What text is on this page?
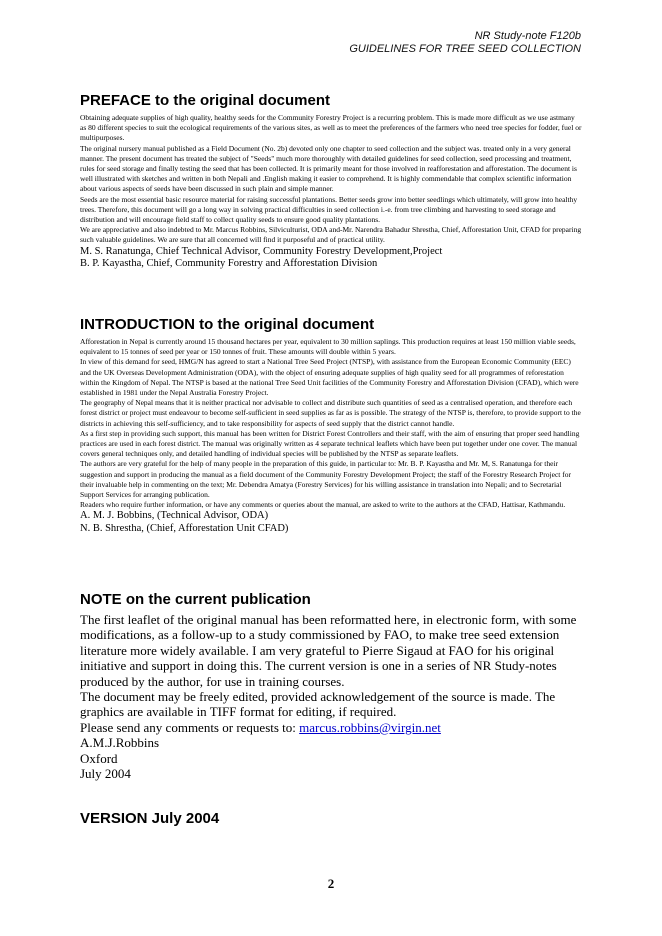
NR Study-note F120b
GUIDELINES FOR TREE SEED COLLECTION
PREFACE to the original document

Obtaining adequate supplies of high quality, healthy seeds for the Community Forestry Project is a recurring problem. This is made more difficult as we use astmany as 80 different species to suit the ecological requirements of the various sites, as well as to meet the preferences of the farmers who need tree species for fodder, fuel or multipurposes.

The original nursery manual published as a Field Document (No. 2b) devoted only one chapter to seed collection and the subject was. treated only in a very general manner. The present document has treated the subject of "Seeds" much more thoroughly with detailed guidelines for seed collection, seed processing and treatment, rules for seed storage and finally testing the seed that has been collected. It is primarily meant for those involved in reafforestation and afforestation. The document is well illustrated with sketches and written in both Nepali and .English making it easier to comprehend. It is highly commendable that complex scientific information about various aspects of seeds have been discussed in such plain and simple manner.

Seeds are the most essential basic resource material for raising successful plantations. Better seeds grow into better seedlings which ultimately, will grow into healthy trees. Therefore, this document will go a long way in solving practical difficulties in seed collection i.-e. from tree climbing and harvesting to seed storage and distribution and will encourage field staff to collect quality seeds to ensure good quality plantations.

We are appreciative and also indebted to Mr. Marcus Robbins, Silviculturist, ODA and-Mr. Narendra Bahadur Shrestha, Chief, Afforestation Unit, CFAD for preparing such valuable guidelines. We are sure that all concerned will find it purposeful and of practical utility.

M. S. Ranatunga, Chief Technical Advisor, Community Forestry Development,Project

B. P. Kayastha, Chief, Community Forestry and Afforestation Division

INTRODUCTION to the original document

Afforestation in Nepal is currently around 15 thousand hectares per year, equivalent to 30 million saplings. This production requires at least 150 million viable seeds, equivalent to 15 tonnes of seed per year or 150 tonnes of fruit. These amounts will double within 5 years.

In view of this demand for seed, HMG/N has agreed to start a National Tree Seed Project (NTSP), with assistance from the European Economic Community (EEC) and the UK Overseas Development Administration (ODA), with the object of ensuring adequate supplies of high quality seed for all programmes of reforestation within the Kingdom of Nepal. The NTSP is based at the national Tree Seed Unit facilities of the Community Forestry and Afforestation Division (CFAD), which were established in 1981 under the Nepal Australia Forestry Project.

The geography of Nepal means that it is neither practical nor advisable to collect and distribute such quantities of seed as a centralised operation, and therefore each forest district or project must endeavour to become self-sufficient in seed supplies as far as is possible. The strategy of the NTSP is, therefore, to provide support to the districts in achieving this self-sufficiency, and to take responsibility for aspects of seed supply that the district cannot handle.

As a first step in providing such support, this manual has been written for District Forest Controllers and their staff, with the aim of ensuring that proper seed handling practices are used in each forest district. The manual was originally written as 4 separate technical leaflets which have been put together under one cover. The manual covers general techniques only, and detailed handling of individual species will be published by the NTSP as separate leaflets.

The authors are very grateful for the help of many people in the preparation of this guide, in particular to: Mr. B. P. Kayastha and Mr. M, S. Ranatunga for their suggestion and support in producing the manual as a field document of the Community Forestry Development Project; the staff of the Forestry Research Project for their invaluable help in commenting on the text; Mr. Debendra Amatya (Forestry Services) for his willing assistance in translation into Nepali; and to Secretarial Support Services for arranging publication.

Readers who require further information, or have any comments or queries about the manual, are asked to write to the authors at the CFAD, Hattisar, Kathmandu.

A. M. J. Bobbins, (Technical Advisor, ODA)

N. B. Shrestha, (Chief, Afforestation Unit CFAD)

NOTE on the current publication

The first leaflet of the original manual has been reformatted here, in electronic form, with some modifications, as a follow-up to a study commissioned by FAO, to make tree seed extension literature more widely available. I am very grateful to Pierre Sigaud at FAO for his original initiative and support in doing this. The current version is one in a series of NR Study-notes produced by the author, for use in training courses.

The document may be freely edited, provided acknowledgement of the source is made. The graphics are available in TIFF format for editing, if required.

Please send any comments or requests to: marcus.robbins@virgin.net

A.M.J.Robbins

Oxford

July 2004

VERSION July 2004
2
